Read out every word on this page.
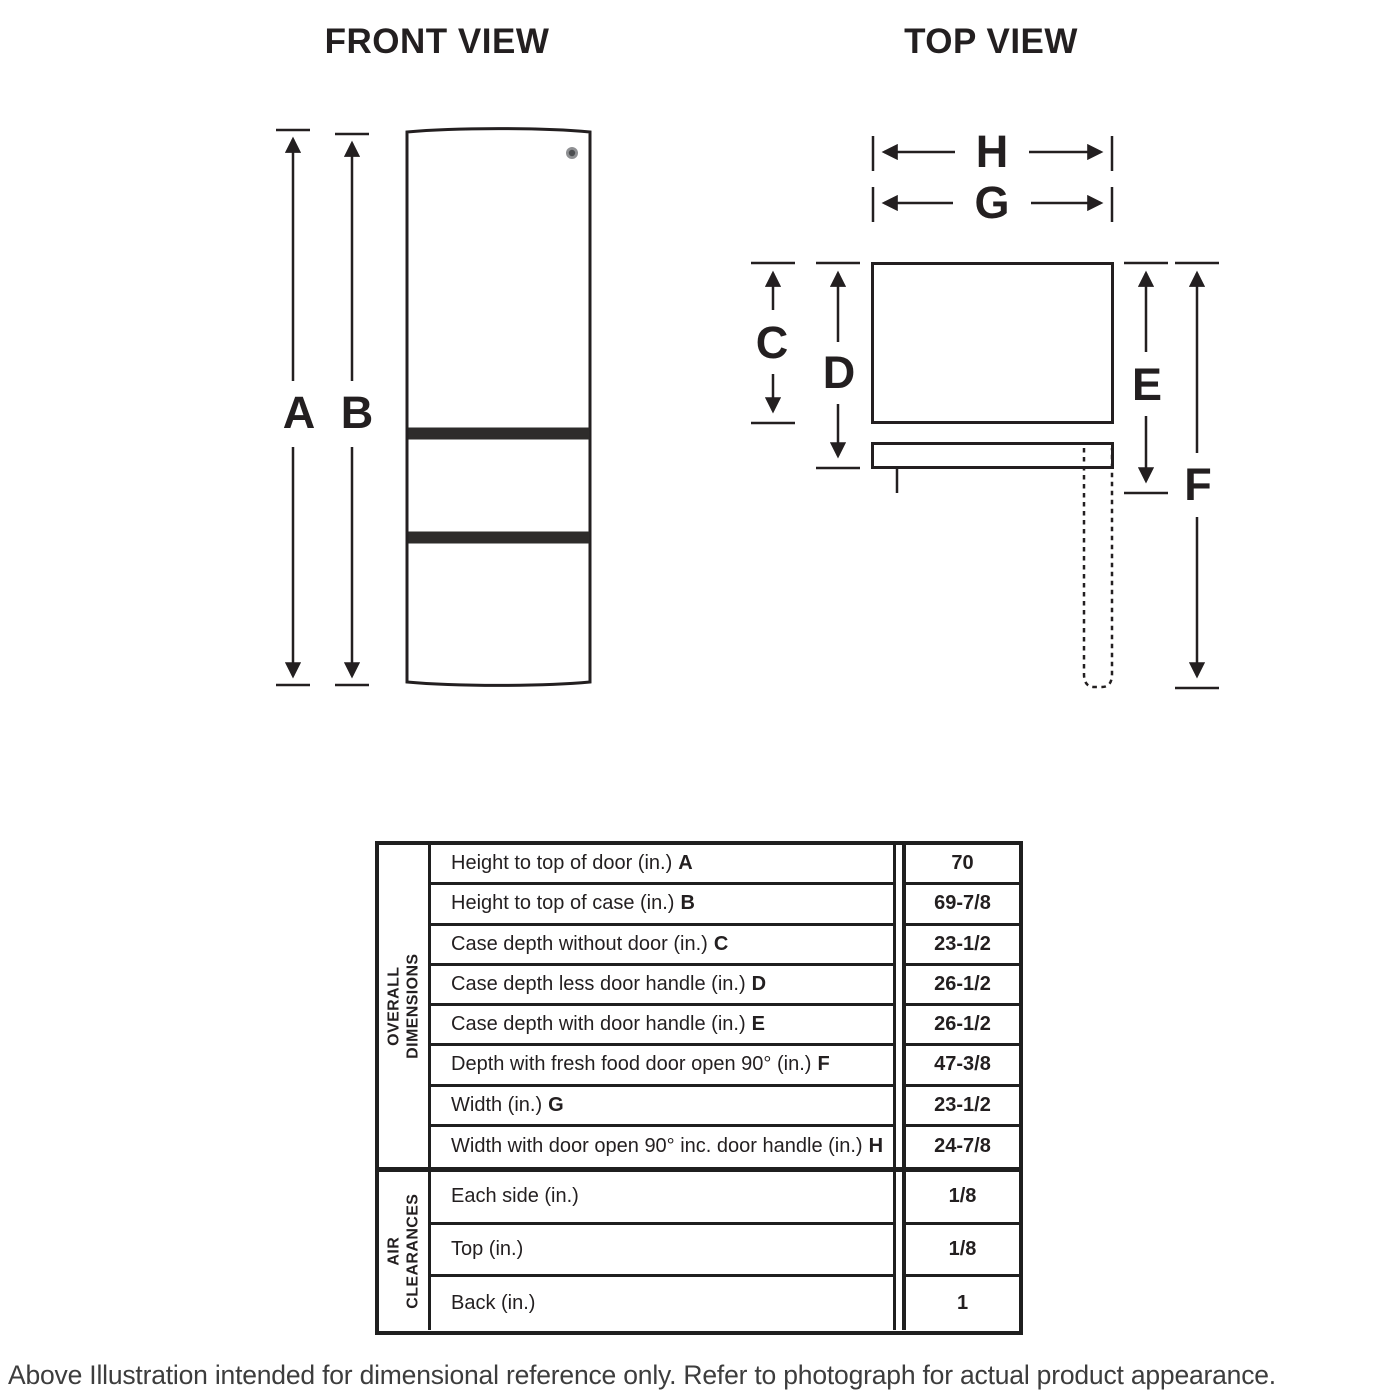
FRONT VIEW	TOP VIEW
A B
H
G
C
D	E
F
OVERALL DIMENSIONS
Height to top of door (in.) A	70
Height to top of case (in.) B	69-7/8
Case depth without door (in.) C	23-1/2
Case depth less door handle (in.) D	26-1/2
Case depth with door handle (in.) E	26-1/2
Depth with fresh food door open 90° (in.) F	47-3/8
Width (in.) G	23-1/2
Width with door open 90° inc. door handle (in.) H	24-7/8
AIR CLEARANCES Each side (in.)	1/8
Top (in.)	1/8
Back (in.)	1
Above Illustration intended for dimensional reference only. Refer to photograph for actual product appearance.
